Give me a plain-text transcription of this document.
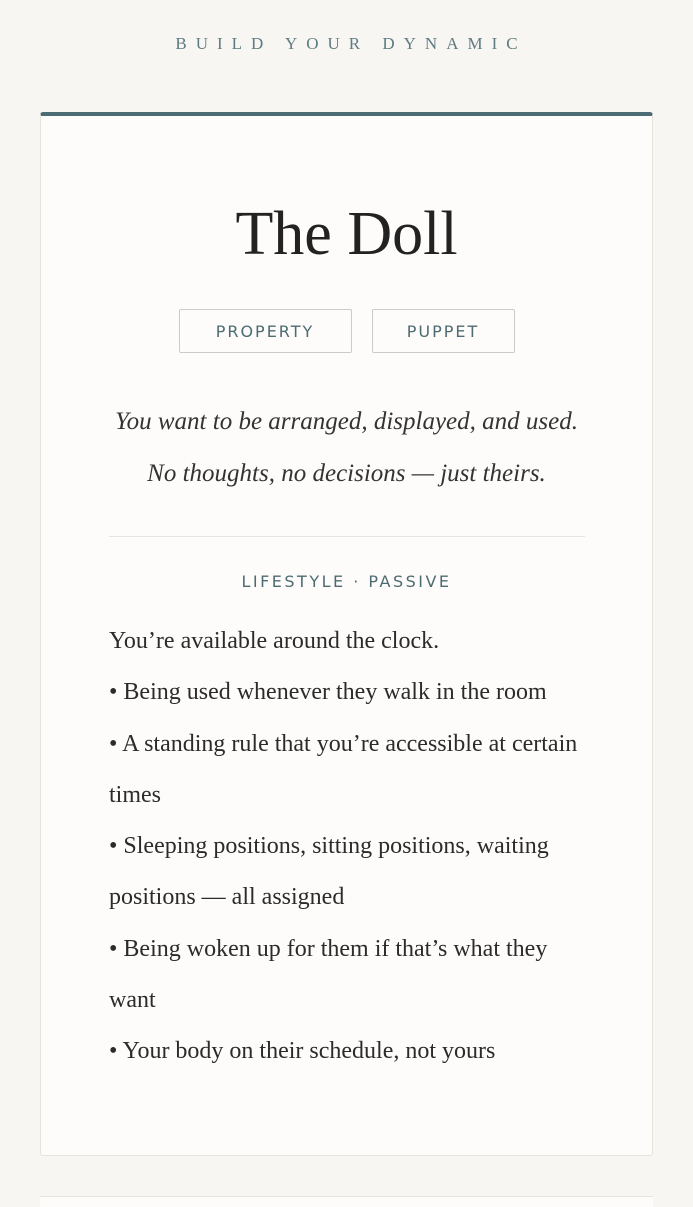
BUILD YOUR DYNAMIC
The Doll
PROPERTY	PUPPET
You want to be arranged, displayed, and used.
No thoughts, no decisions — just theirs.
LIFESTYLE · PASSIVE

You’re available around the clock.

• Being used whenever they walk in the room

• A standing rule that you’re accessible at certain times

• Sleeping positions, sitting positions, waiting positions — all assigned

• Being woken up for them if that’s what they want

• Your body on their schedule, not yours
